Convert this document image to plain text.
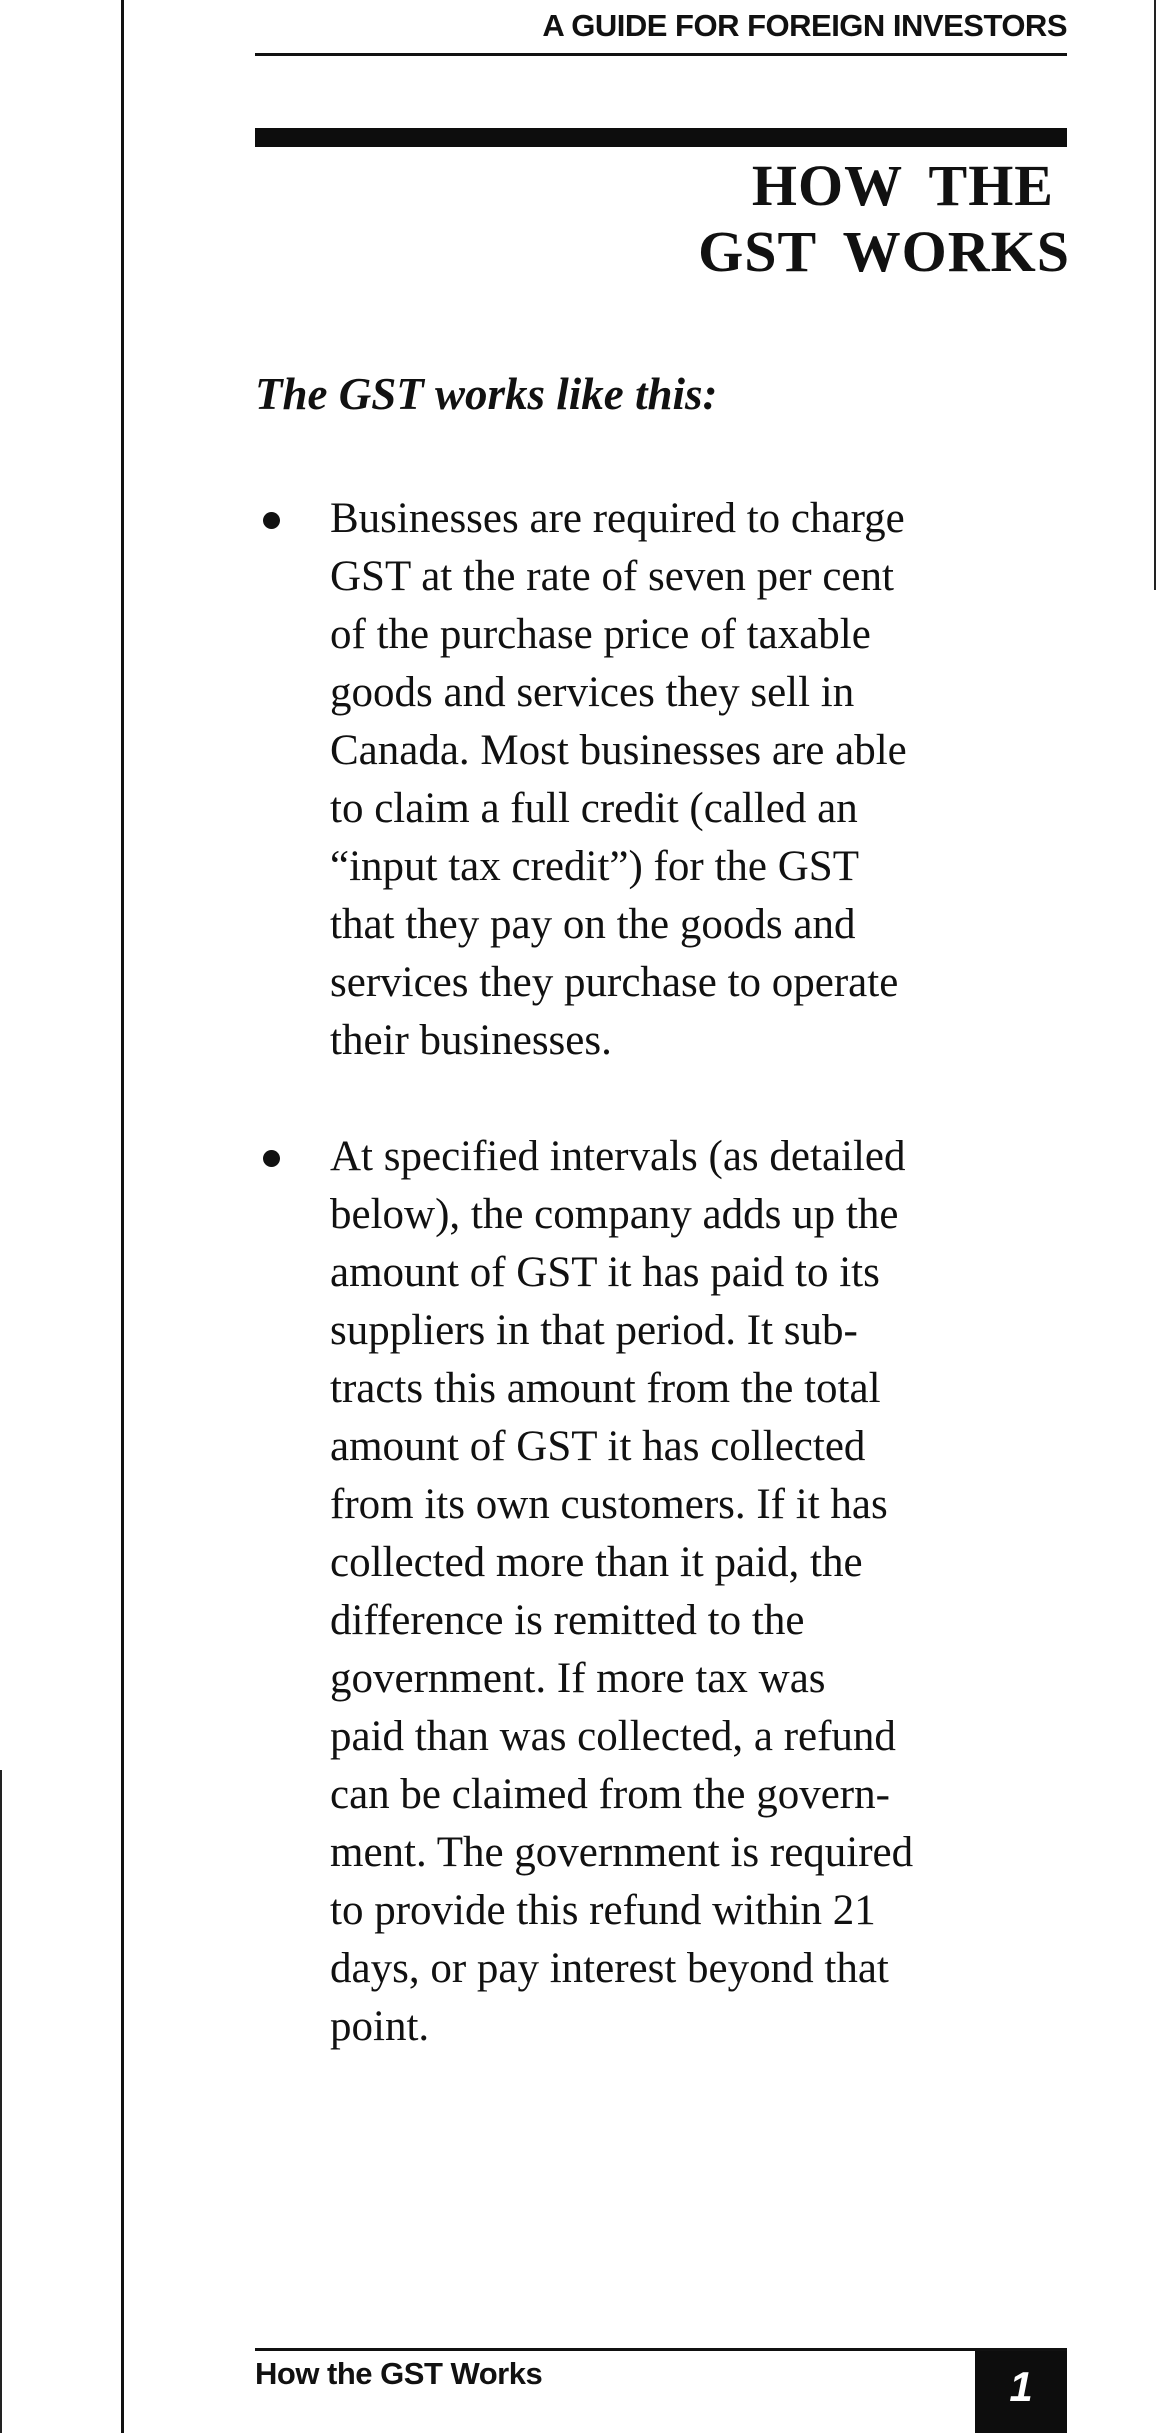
A GUIDE FOR FOREIGN INVESTORS
HOW THE
GST WORKS
The GST works like this:
Businesses are required to charge
GST at the rate of seven per cent
of the purchase price of taxable
goods and services they sell in
Canada. Most businesses are able
to claim a full credit (called an
“input tax credit”) for the GST
that they pay on the goods and
services they purchase to operate
their businesses.
At specified intervals (as detailed
below), the company adds up the
amount of GST it has paid to its
suppliers in that period. It sub-
tracts this amount from the total
amount of GST it has collected
from its own customers. If it has
collected more than it paid, the
difference is remitted to the
government. If more tax was
paid than was collected, a refund
can be claimed from the govern-
ment. The government is required
to provide this refund within 21
days, or pay interest beyond that
point.
How the GST Works	1
